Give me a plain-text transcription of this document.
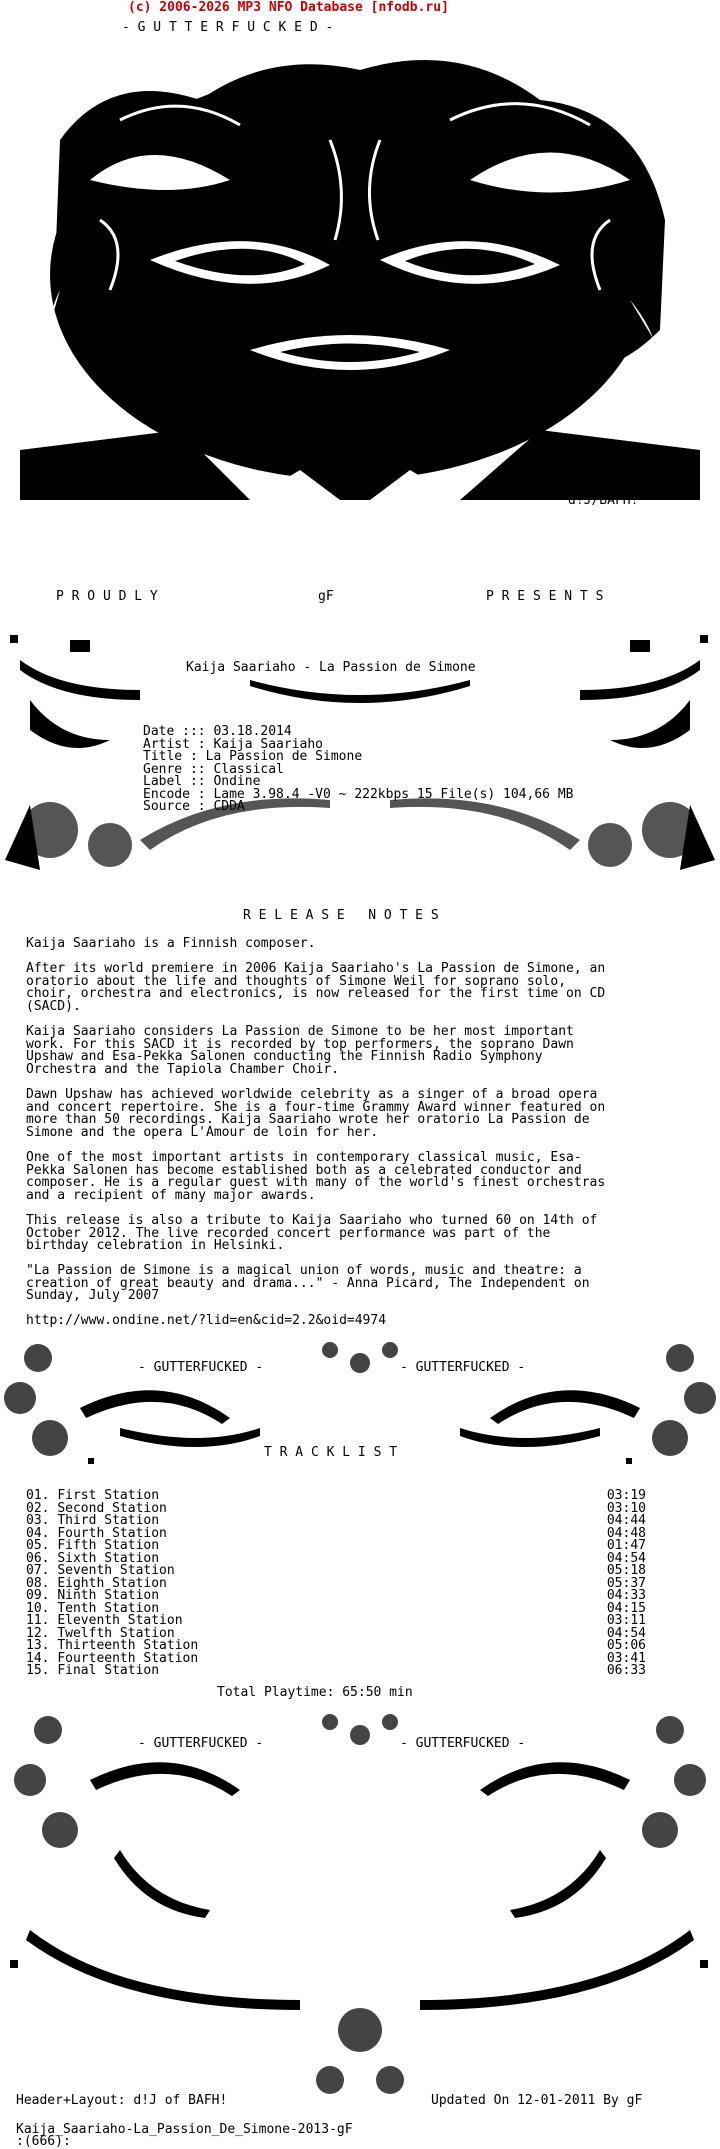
(c) 2006-2026 MP3 NFO Database [nfodb.ru]
- G U T T E R F U C K E D -
d!J/BAFH!
P R O U D L Y	gF	P R E S E N T S
Kaija Saariaho - La Passion de Simone
Date ::: 03.18.2014
Artist : Kaija Saariaho
Title : La Passion de Simone
Genre :: Classical
Label :: Ondine
Encode : Lame 3.98.4 -V0 ~ 222kbps 15 File(s) 104,66 MB
Source : CDDA
R E L E A S E   N O T E S
Kaija Saariaho is a Finnish composer.
After its world premiere in 2006 Kaija Saariaho's La Passion de Simone, an
oratorio about the life and thoughts of Simone Weil for soprano solo,
choir, orchestra and electronics, is now released for the first time on CD
(SACD).
Kaija Saariaho considers La Passion de Simone to be her most important
work. For this SACD it is recorded by top performers, the soprano Dawn
Upshaw and Esa-Pekka Salonen conducting the Finnish Radio Symphony
Orchestra and the Tapiola Chamber Choir.
Dawn Upshaw has achieved worldwide celebrity as a singer of a broad opera
and concert repertoire. She is a four-time Grammy Award winner featured on
more than 50 recordings. Kaija Saariaho wrote her oratorio La Passion de
Simone and the opera L'Amour de loin for her.
One of the most important artists in contemporary classical music, Esa-
Pekka Salonen has become established both as a celebrated conductor and
composer. He is a regular guest with many of the world's finest orchestras
and a recipient of many major awards.
This release is also a tribute to Kaija Saariaho who turned 60 on 14th of
October 2012. The live recorded concert performance was part of the
birthday celebration in Helsinki.
"La Passion de Simone is a magical union of words, music and theatre: a
creation of great beauty and drama..." - Anna Picard, The Independent on
Sunday, July 2007
http://www.ondine.net/?lid=en&cid=2.2&oid=4974
- GUTTERFUCKED -	- GUTTERFUCKED -
T R A C K L I S T
01. First Station	03:19
02. Second Station	03:10
03. Third Station	04:44
04. Fourth Station	04:48
05. Fifth Station	01:47
06. Sixth Station	04:54
07. Seventh Station	05:18
08. Eighth Station	05:37
09. Ninth Station	04:33
10. Tenth Station	04:15
11. Eleventh Station	03:11
12. Twelfth Station	04:54
13. Thirteenth Station	05:06
14. Fourteenth Station	03:41
15. Final Station	06:33
Total Playtime: 65:50 min
- GUTTERFUCKED -	- GUTTERFUCKED -
Header+Layout: d!J of BAFH!	Updated On 12-01-2011 By gF
Kaija_Saariaho-La_Passion_De_Simone-2013-gF
:(666):
